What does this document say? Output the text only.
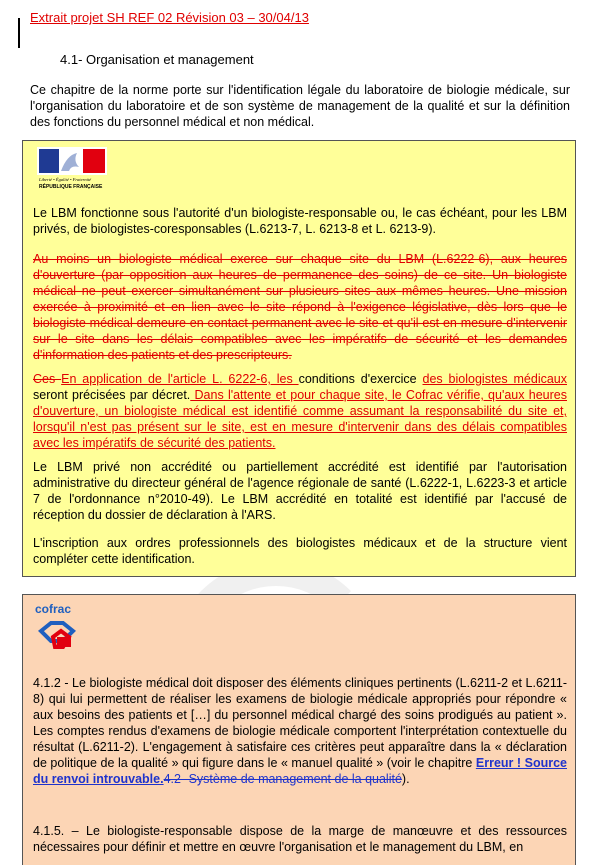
Extrait projet SH REF 02 Révision 03 – 30/04/13
4.1- Organisation et management
Ce chapitre de la norme porte sur l'identification légale du laboratoire de biologie médicale, sur l'organisation du laboratoire et de son système de management de la qualité et sur la définition des fonctions du personnel médical et non médical.
Liberté • Égalité • Fraternité
RÉPUBLIQUE FRANÇAISE
Le LBM fonctionne sous l'autorité d'un biologiste-responsable ou, le cas échéant, pour les LBM privés, de biologistes-coresponsables (L.6213-7, L. 6213-8 et L. 6213-9).
Au moins un biologiste médical exerce sur chaque site du LBM (L.6222-6), aux heures d'ouverture (par opposition aux heures de permanence des soins) de ce site. Un biologiste médical ne peut exercer simultanément sur plusieurs sites aux mêmes heures. Une mission exercée à proximité et en lien avec le site répond à l'exigence législative, dès lors que le biologiste médical demeure en contact permanent avec le site et qu'il est en mesure d'intervenir sur le site dans les délais compatibles avec les impératifs de sécurité et les demandes d'information des patients et des prescripteurs.
Ces En application de l'article L. 6222-6, les conditions d'exercice des biologistes médicaux seront précisées par décret. Dans l'attente et pour chaque site, le Cofrac vérifie, qu'aux heures d'ouverture, un biologiste médical est identifié comme assumant la responsabilité du site et, lorsqu'il n'est pas présent sur le site, est en mesure d'intervenir dans des délais compatibles avec les impératifs de sécurité des patients.
Le LBM privé non accrédité ou partiellement accrédité est identifié par l'autorisation administrative du directeur général de l'agence régionale de santé (L.6222-1, L.6223-3 et article 7 de l'ordonnance n°2010-49). Le LBM accrédité en totalité est identifié par l'accusé de réception du dossier de déclaration à l'ARS.
L'inscription aux ordres professionnels des biologistes médicaux et de la structure vient compléter cette identification.
cofrac
4.1.2 - Le biologiste médical doit disposer des éléments cliniques pertinents (L.6211-2 et L.6211-8) qui lui permettent de réaliser les examens de biologie médicale appropriés pour répondre « aux besoins des patients et […] du personnel médical chargé des soins prodigués au patient ». Les comptes rendus d'examens de biologie médicale comportent l'interprétation contextuelle du résultat (L.6211-2). L'engagement à satisfaire ces critères peut apparaître dans la « déclaration de politique de la qualité » qui figure dans le « manuel qualité » (voir le chapitre Erreur ! Source du renvoi introuvable.4.2- Système de management de la qualité).
4.1.5. – Le biologiste-responsable dispose de la marge de manœuvre et des ressources nécessaires pour définir et mettre en œuvre l'organisation et le management du LBM, en
